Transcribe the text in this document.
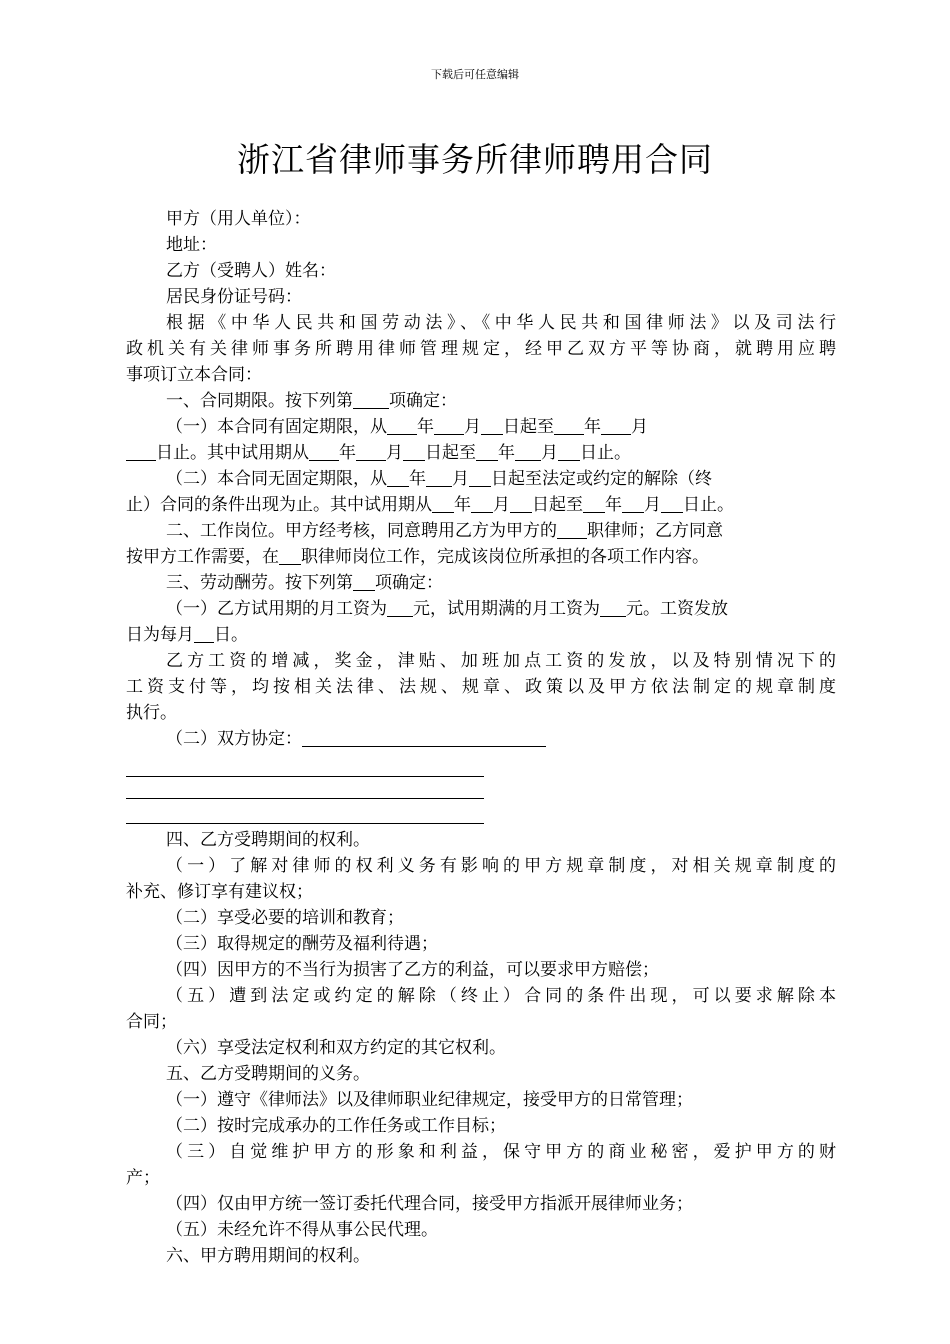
下载后可任意编辑
浙江省律师事务所律师聘用合同

甲方（用人单位）：

地址：

乙方（受聘人）姓名：

居民身份证号码：

根据《中华人民共和国劳动法》、《中华人民共和国律师法》以及司法行

政机关有关律师事务所聘用律师管理规定，经甲乙双方平等协商，就聘用应聘

事项订立本合同：

一、合同期限。按下列第 项确定：

（一）本合同有固定期限，从 年 月 日起至 年 月

日止。其中试用期从 年 月 日起至 年 月 日止。

（二）本合同无固定期限，从 年 月 日起至法定或约定的解除（终

止）合同的条件出现为止。其中试用期从 年 月 日起至 年 月 日止。

二、工作岗位。甲方经考核，同意聘用乙方为甲方的 职律师；乙方同意

按甲方工作需要，在 职律师岗位工作，完成该岗位所承担的各项工作内容。

三、劳动酬劳。按下列第 项确定：

（一）乙方试用期的月工资为 元，试用期满的月工资为 元。工资发放

日为每月 日。

乙方工资的增减，奖金，津贴、加班加点工资的发放，以及特别情况下的

工资支付等，均按相关法律、法规、规章、政策以及甲方依法制定的规章制度

执行。

（二）双方协定：

四、乙方受聘期间的权利。

（一）了解对律师的权利义务有影响的甲方规章制度，对相关规章制度的

补充、修订享有建议权；

（二）享受必要的培训和教育；

（三）取得规定的酬劳及福利待遇；

（四）因甲方的不当行为损害了乙方的利益，可以要求甲方赔偿；

（五）遭到法定或约定的解除（终止）合同的条件出现，可以要求解除本

合同；

（六）享受法定权利和双方约定的其它权利。

五、乙方受聘期间的义务。

（一）遵守《律师法》以及律师职业纪律规定，接受甲方的日常管理；

（二）按时完成承办的工作任务或工作目标；

（三）自觉维护甲方的形象和利益，保守甲方的商业秘密，爱护甲方的财

产；

（四）仅由甲方统一签订委托代理合同，接受甲方指派开展律师业务；

（五）未经允许不得从事公民代理。

六、甲方聘用期间的权利。
